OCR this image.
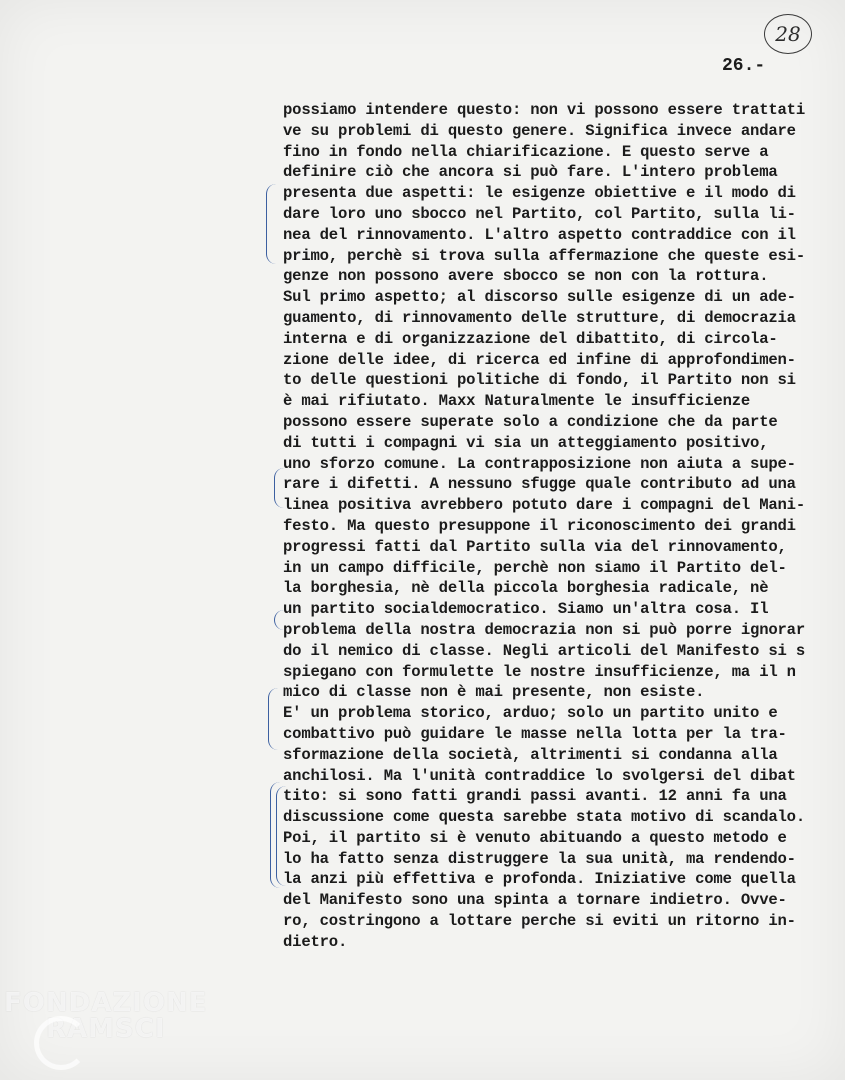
28
26.-
possiamo intendere questo: non vi possono essere trattati
ve su problemi di questo genere. Significa invece andare
fino in fondo nella chiarificazione. E questo serve a
definire ciò che ancora si può fare. L'intero problema
presenta due aspetti: le esigenze obiettive e il modo di
dare loro uno sbocco nel Partito, col Partito, sulla li-
nea del rinnovamento. L'altro aspetto contraddice con il
primo, perchè si trova sulla affermazione che queste esi-
genze non possono avere sbocco se non con la rottura.
Sul primo aspetto; al discorso sulle esigenze di un ade-
guamento, di rinnovamento delle strutture, di democrazia
interna e di organizzazione del dibattito, di circola-
zione delle idee, di ricerca ed infine di approfondimen-
to delle questioni politiche di fondo, il Partito non si
è mai rifiutato. Maxx Naturalmente le insufficienze
possono essere superate solo a condizione che da parte
di tutti i compagni vi sia un atteggiamento positivo,
uno sforzo comune. La contrapposizione non aiuta a supe-
rare i difetti. A nessuno sfugge quale contributo ad una
linea positiva avrebbero potuto dare i compagni del Mani-
festo. Ma questo presuppone il riconoscimento dei grandi
progressi fatti dal Partito sulla via del rinnovamento,
in un campo difficile, perchè non siamo il Partito del-
la borghesia, nè della piccola borghesia radicale, nè
un partito socialdemocratico. Siamo un'altra cosa. Il
problema della nostra democrazia non si può porre ignorar
do il nemico di classe. Negli articoli del Manifesto si s
spiegano con formulette le nostre insufficienze, ma il n
mico di classe non è mai presente, non esiste.
E' un problema storico, arduo; solo un partito unito e
combattivo può guidare le masse nella lotta per la tra-
sformazione della società, altrimenti si condanna alla
anchilosi. Ma l'unità contraddice lo svolgersi del dibat
tito: si sono fatti grandi passi avanti. 12 anni fa una
discussione come questa sarebbe stata motivo di scandalo.
Poi, il partito si è venuto abituando a questo metodo e
lo ha fatto senza distruggere la sua unità, ma rendendo-
la anzi più effettiva e profonda. Iniziative come quella
del Manifesto sono una spinta a tornare indietro. Ovve-
ro, costringono a lottare perche si eviti un ritorno in-
dietro.
FONDAZIONE
RAMSCI
